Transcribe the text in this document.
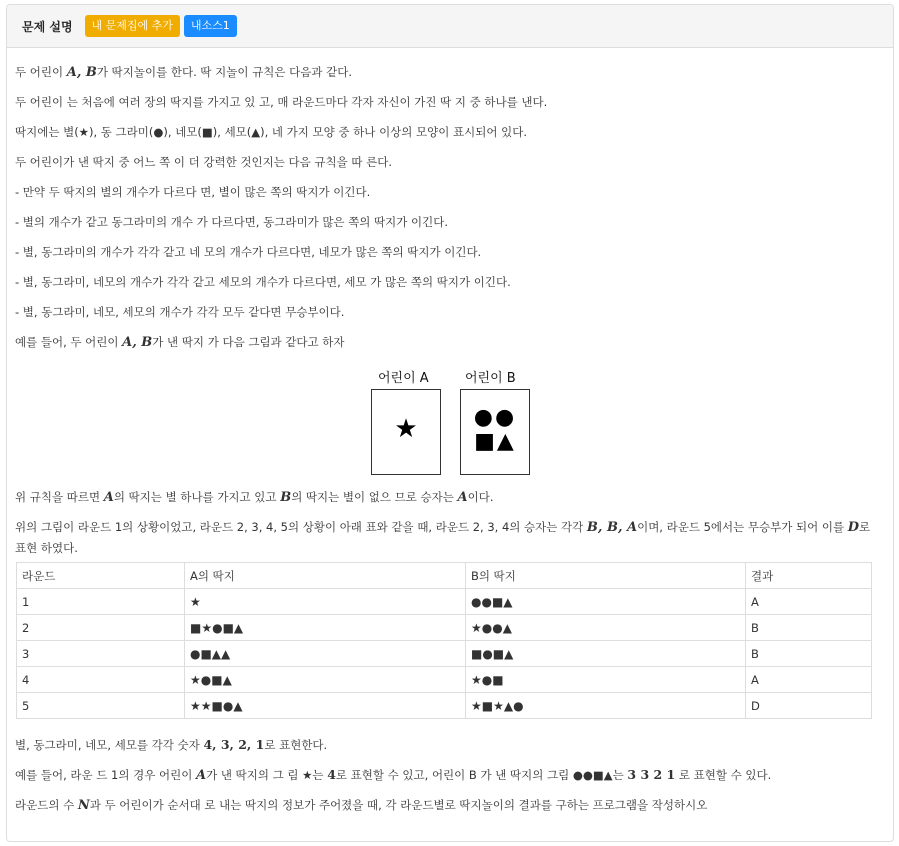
문제 설명	내 문제집에 추가	내소스1
두 어린이 A, B가 딱지놀이를 한다. 딱 지놀이 규칙은 다음과 같다.
두 어린이 는 처음에 여러 장의 딱지를 가지고 있 고, 매 라운드마다 각자 자신이 가진 딱 지 중 하나를 낸다.
딱지에는 별(★), 동 그라미(●), 네모(■), 세모(▲), 네 가지 모양 중 하나 이상의 모양이 표시되어 있다.
두 어린이가 낸 딱지 중 어느 쪽 이 더 강력한 것인지는 다음 규칙을 따 른다.
- 만약 두 딱지의 별의 개수가 다르다 면, 별이 많은 쪽의 딱지가 이긴다.
- 별의 개수가 같고 동그라미의 개수 가 다르다면, 동그라미가 많은 쪽의 딱지가 이긴다.
- 별, 동그라미의 개수가 각각 같고 네 모의 개수가 다르다면, 네모가 많은 쪽의 딱지가 이긴다.
- 별, 동그라미, 네모의 개수가 각각 같고 세모의 개수가 다르다면, 세모 가 많은 쪽의 딱지가 이긴다.
- 별, 동그라미, 네모, 세모의 개수가 각각 모두 같다면 무승부이다.
예를 들어, 두 어린이 A, B가 낸 딱지 가 다음 그림과 같다고 하자
어린이 A	어린이 B
★	●●
■▲
위 규칙을 따르면 A의 딱지는 별 하나를 가지고 있고 B의 딱지는 별이 없으 므로 승자는 A이다.
위의 그림이 라운드 1의 상황이었고, 라운드 2, 3, 4, 5의 상황이 아래 표와 같을 때, 라운드 2, 3, 4의 승자는 각각 B, B, A이며, 라운드 5에서는 무승부가 되어 이를 D로 표현 하였다.
라운드	A의 딱지	B의 딱지	결과
1	★	●●■▲	A
2	■★●■▲	★●●▲	B
3	●■▲▲	■●■▲	B
4	★●■▲	★●■	A
5	★★■●▲	★■★▲●	D
별, 동그라미, 네모, 세모를 각각 숫자 4, 3, 2, 1로 표현한다.
예를 들어, 라운 드 1의 경우 어린이 A가 낸 딱지의 그 림 ★는 4로 표현할 수 있고, 어린이 B 가 낸 딱지의 그림 ●●■▲는 3 3 2 1 로 표현할 수 있다.
라운드의 수 N과 두 어린이가 순서대 로 내는 딱지의 정보가 주어졌을 때, 각 라운드별로 딱지놀이의 결과를 구하는 프로그램을 작성하시오
